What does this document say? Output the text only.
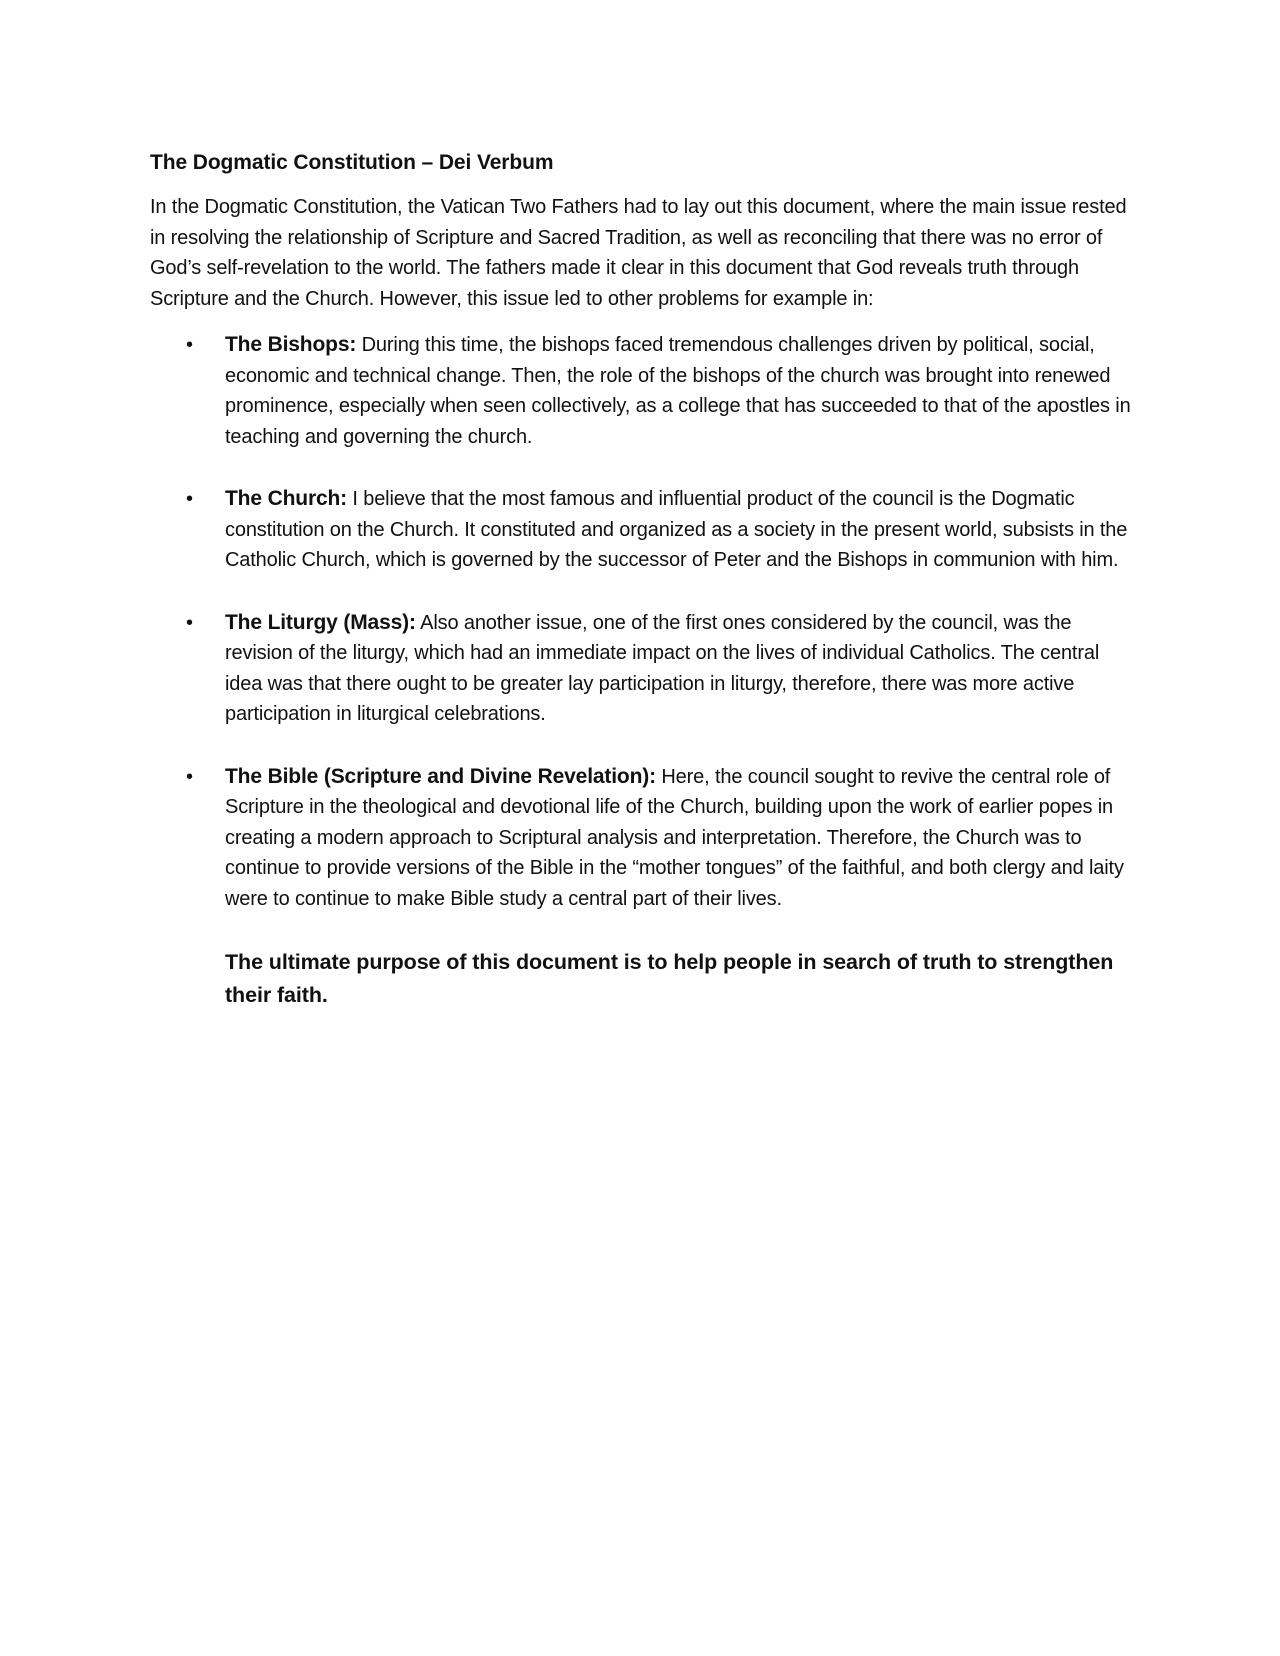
The Dogmatic Constitution – Dei Verbum

In the Dogmatic Constitution, the Vatican Two Fathers had to lay out this document, where the main issue rested in resolving the relationship of Scripture and Sacred Tradition, as well as reconciling that there was no error of God’s self-revelation to the world. The fathers made it clear in this document that God reveals truth through Scripture and the Church. However, this issue led to other problems for example in:

• The Bishops: During this time, the bishops faced tremendous challenges driven by political, social, economic and technical change. Then, the role of the bishops of the church was brought into renewed prominence, especially when seen collectively, as a college that has succeeded to that of the apostles in teaching and governing the church.
• The Church: I believe that the most famous and influential product of the council is the Dogmatic constitution on the Church. It constituted and organized as a society in the present world, subsists in the Catholic Church, which is governed by the successor of Peter and the Bishops in communion with him.
• The Liturgy (Mass): Also another issue, one of the first ones considered by the council, was the revision of the liturgy, which had an immediate impact on the lives of individual Catholics. The central idea was that there ought to be greater lay participation in liturgy, therefore, there was more active participation in liturgical celebrations.
• The Bible (Scripture and Divine Revelation): Here, the council sought to revive the central role of Scripture in the theological and devotional life of the Church, building upon the work of earlier popes in creating a modern approach to Scriptural analysis and interpretation. Therefore, the Church was to continue to provide versions of the Bible in the “mother tongues” of the faithful, and both clergy and laity were to continue to make Bible study a central part of their lives.

The ultimate purpose of this document is to help people in search of truth to strengthen their faith.
